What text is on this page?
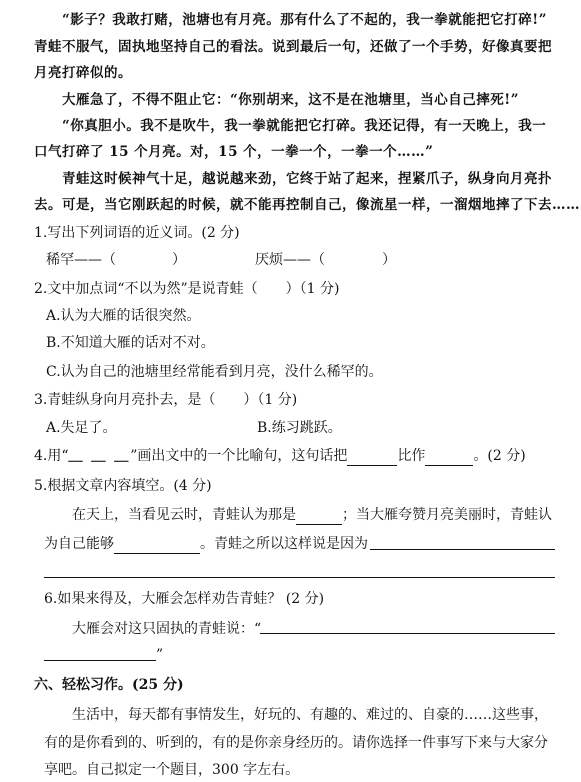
“影子？我敢打赌，池塘也有月亮。那有什么了不起的，我一拳就能把它打碎!”
青蛙不服气，固执地坚持自己的看法。说到最后一句，还做了一个手势，好像真要把
月亮打碎似的。
大雁急了，不得不阻止它：“你别胡来，这不是在池塘里，当心自己摔死!”
“你真胆小。我不是吹牛，我一拳就能把它打碎。我还记得，有一天晚上，我一
口气打碎了 15 个月亮。对，15 个，一拳一个，一拳一个……”
青蛙这时候神气十足，越说越来劲，它终于站了起来，捏紧爪子，纵身向月亮扑
去。可是，当它刚跃起的时候，就不能再控制自己，像流星一样，一溜烟地摔了下去……
1.写出下列词语的近义词。(2 分)
稀罕——（	）	厌烦——（	）
2.文中加点词“不以为然”是说青蛙（　　）（1 分)
A.认为大雁的话很突然。
B.不知道大雁的话对不对。
C.认为自己的池塘里经常能看到月亮，没什么稀罕的。
3.青蛙纵身向月亮扑去，是（　　）（1 分)
A.失足了。	B.练习跳跃。
4.用“＿ ＿ ＿”画出文中的一个比喻句，这句话把	比作	。(2 分)
5.根据文章内容填空。(4 分)
在天上，当看见云时，青蛙认为那是	；当大雁夸赞月亮美丽时，青蛙认
为自己能够	。青蛙之所以这样说是因为
6.如果来得及，大雁会怎样劝告青蛙？ (2 分)
大雁会对这只固执的青蛙说：“
”
六、轻松习作。(25 分)
生活中，每天都有事情发生，好玩的、有趣的、难过的、自豪的……这些事，
有的是你看到的、听到的，有的是你亲身经历的。请你选择一件事写下来与大家分
享吧。自己拟定一个题目，300 字左右。
